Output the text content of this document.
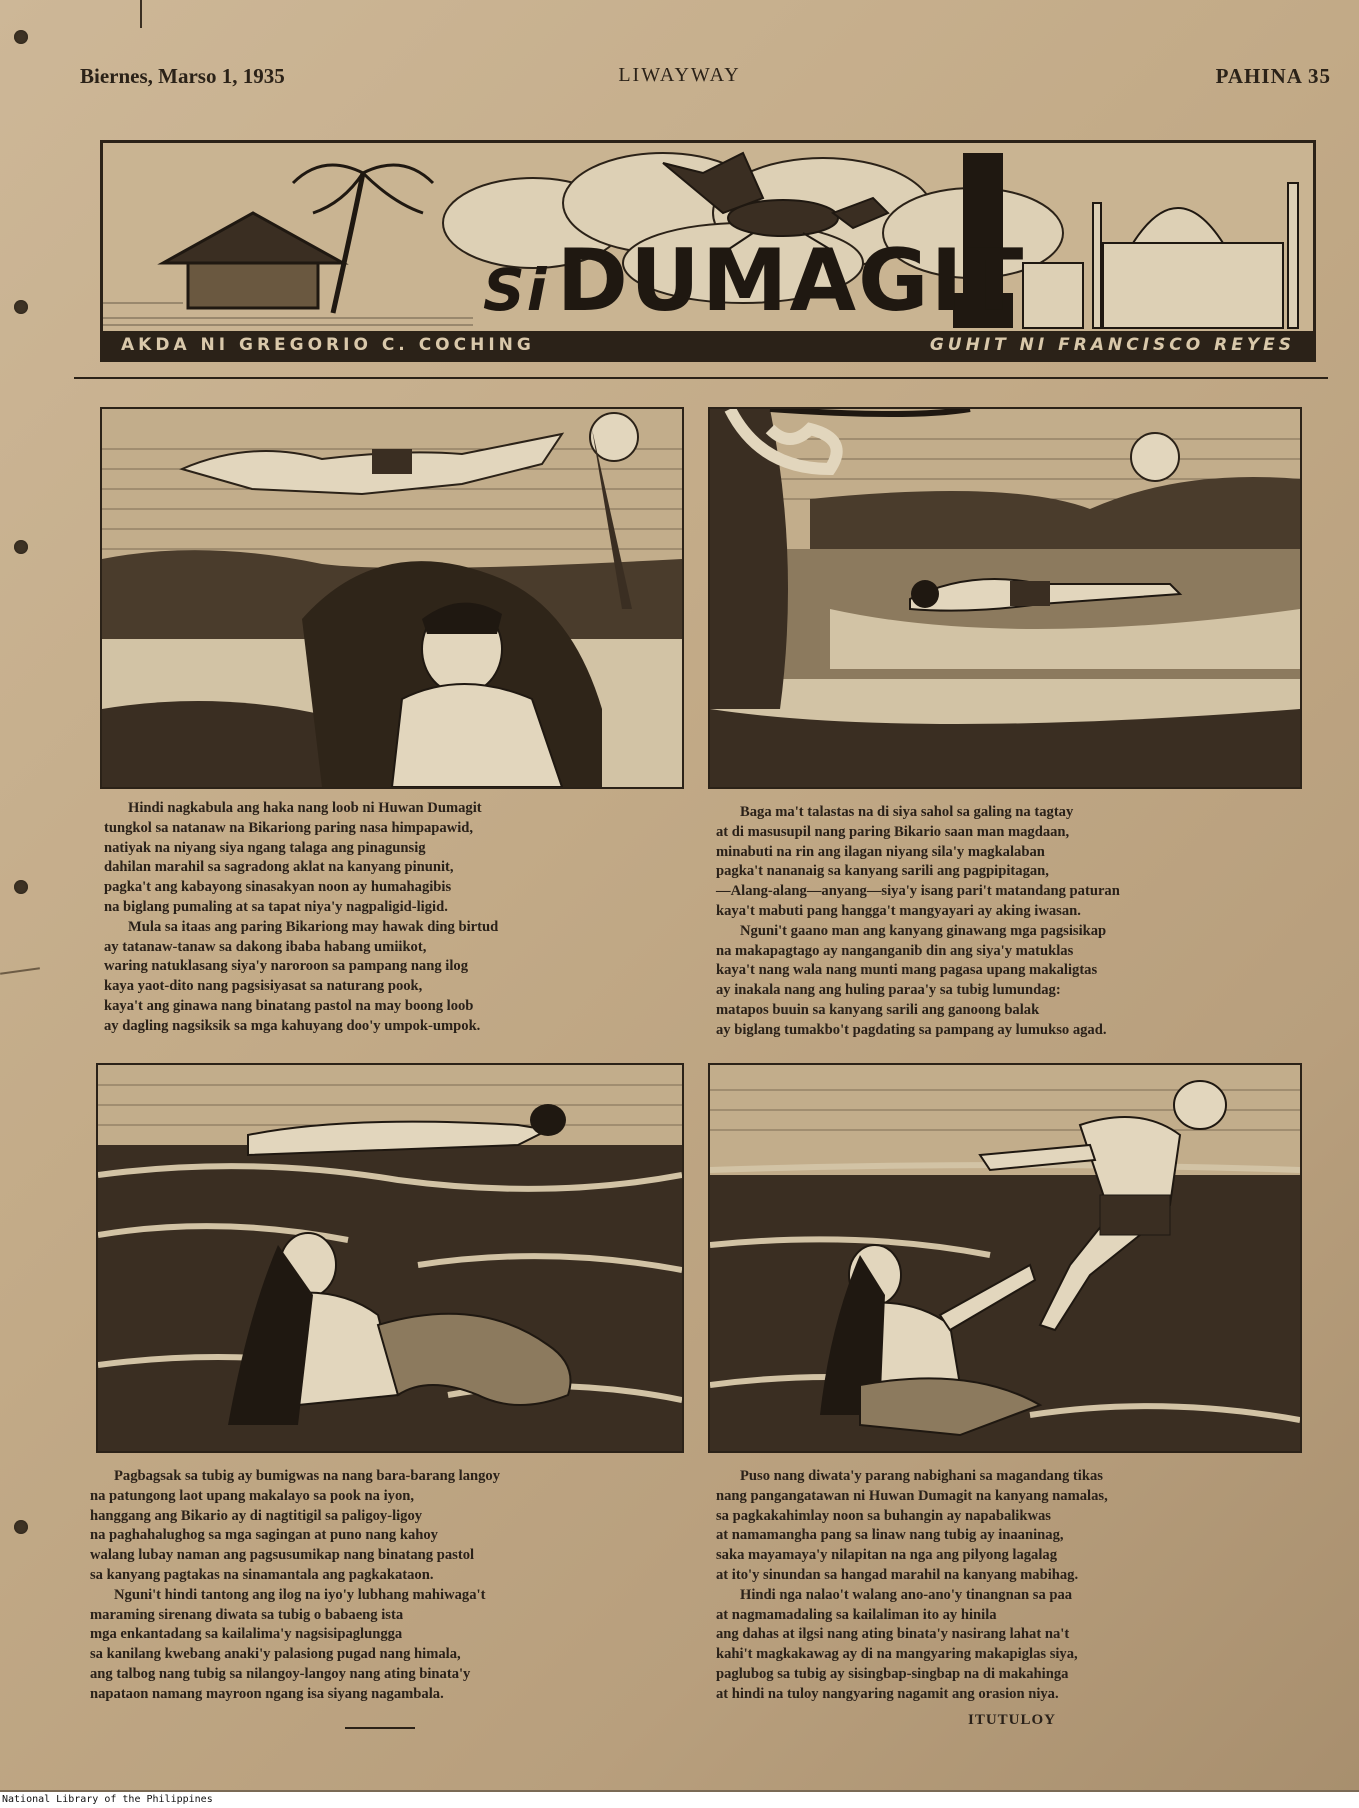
LIWAYWAY
Biernes, Marso 1, 1935	PAHINA 35
SiDUMAGIT
AKDA NI GREGORIO C. COCHING	GUHIT NI FRANCISCO REYES

Hindi nagkabula ang haka nang loob ni Huwan Dumagit

tungkol sa natanaw na Bikariong paring nasa himpapawid,

natiyak na niyang siya ngang talaga ang pinagunsig

dahilan marahil sa sagradong aklat na kanyang pinunit,

pagka't ang kabayong sinasakyan noon ay humahagibis

na biglang pumaling at sa tapat niya'y nagpaligid-ligid.

Mula sa itaas ang paring Bikariong may hawak ding birtud

ay tatanaw-tanaw sa dakong ibaba habang umiikot,

waring natuklasang siya'y naroroon sa pampang nang ilog

kaya yaot-dito nang pagsisiyasat sa naturang pook,

kaya't ang ginawa nang binatang pastol na may boong loob

ay dagling nagsiksik sa mga kahuyang doo'y umpok-umpok.

Baga ma't talastas na di siya sahol sa galing na tagtay

at di masusupil nang paring Bikario saan man magdaan,

minabuti na rin ang ilagan niyang sila'y magkalaban

pagka't nananaig sa kanyang sarili ang pagpipitagan,

—Alang-alang—anyang—siya'y isang pari't matandang paturan

kaya't mabuti pang hangga't mangyayari ay aking iwasan.

Nguni't gaano man ang kanyang ginawang mga pagsisikap

na makapagtago ay nanganganib din ang siya'y matuklas

kaya't nang wala nang munti mang pagasa upang makaligtas

ay inakala nang ang huling paraa'y sa tubig lumundag:

matapos buuin sa kanyang sarili ang ganoong balak

ay biglang tumakbo't pagdating sa pampang ay lumukso agad.

Pagbagsak sa tubig ay bumigwas na nang bara-barang langoy

na patungong laot upang makalayo sa pook na iyon,

hanggang ang Bikario ay di nagtitigil sa paligoy-ligoy

na paghahalughog sa mga sagingan at puno nang kahoy

walang lubay naman ang pagsusumikap nang binatang pastol

sa kanyang pagtakas na sinamantala ang pagkakataon.

Nguni't hindi tantong ang ilog na iyo'y lubhang mahiwaga't

maraming sirenang diwata sa tubig o babaeng ista

mga enkantadang sa kailalima'y nagsisipaglungga

sa kanilang kwebang anaki'y palasiong pugad nang himala,

ang talbog nang tubig sa nilangoy-langoy nang ating binata'y

napataon namang mayroon ngang isa siyang nagambala.

Puso nang diwata'y parang nabighani sa magandang tikas

nang pangangatawan ni Huwan Dumagit na kanyang namalas,

sa pagkakahimlay noon sa buhangin ay napabalikwas

at namamangha pang sa linaw nang tubig ay inaaninag,

saka mayamaya'y nilapitan na nga ang pilyong lagalag

at ito'y sinundan sa hangad marahil na kanyang mabihag.

Hindi nga nalao't walang ano-ano'y tinangnan sa paa

at nagmamadaling sa kailaliman ito ay hinila

ang dahas at ilgsi nang ating binata'y nasirang lahat na't

kahi't magkakawag ay di na mangyaring makapiglas siya,

paglubog sa tubig ay sisingbap-singbap na di makahinga

at hindi na tuloy nangyaring nagamit ang orasion niya.

ITUTULOY
National Library of the Philippines
